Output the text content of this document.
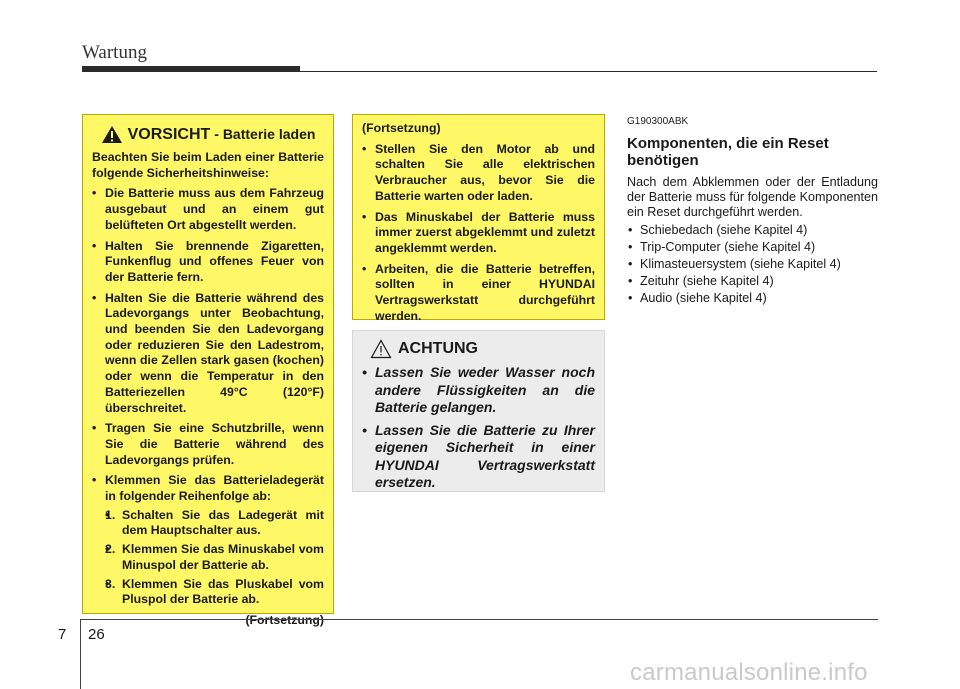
Wartung
VORSICHT - Batterie laden
Beachten Sie beim Laden einer Batterie folgende Sicherheitshinweise:
• Die Batterie muss aus dem Fahrzeug ausgebaut und an einem gut belüfteten Ort abgestellt werden.
• Halten Sie brennende Zigaretten, Funkenflug und offenes Feuer von der Batterie fern.
• Halten Sie die Batterie während des Ladevorgangs unter Beobachtung, und beenden Sie den Ladevorgang oder reduzieren Sie den Ladestrom, wenn die Zellen stark gasen (kochen) oder wenn die Temperatur in den Batteriezellen 49°C (120°F) überschreitet.
• Tragen Sie eine Schutzbrille, wenn Sie die Batterie während des Ladevorgangs prüfen.
• Klemmen Sie das Batterieladegerät in folgender Reihenfolge ab:
• 1. Schalten Sie das Ladegerät mit dem Hauptschalter aus.
• 2. Klemmen Sie das Minuskabel vom Minuspol der Batterie ab.
• 3. Klemmen Sie das Pluskabel vom Pluspol der Batterie ab.
(Fortsetzung)
• Stellen Sie den Motor ab und schalten Sie alle elektrischen Verbraucher aus, bevor Sie die Batterie warten oder laden.
• Das Minuskabel der Batterie muss immer zuerst abgeklemmt und zuletzt angeklemmt werden.
• Arbeiten, die die Batterie betreffen, sollten in einer HYUNDAI Vertragswerkstatt durchgeführt werden.
ACHTUNG
• Lassen Sie weder Wasser noch andere Flüssigkeiten an die Batterie gelangen.
• Lassen Sie die Batterie zu Ihrer eigenen Sicherheit in einer HYUNDAI Vertragswerkstatt ersetzen.
G190300ABK
Komponenten, die ein Reset benötigen
Nach dem Abklemmen oder der Entladung der Batterie muss für folgende Komponenten ein Reset durchgeführt werden.
• Schiebedach (siehe Kapitel 4)
• Trip-Computer (siehe Kapitel 4)
• Klimasteuersystem (siehe Kapitel 4)
• Zeituhr (siehe Kapitel 4)
• Audio (siehe Kapitel 4)
7 26
carmanualsonline.info
